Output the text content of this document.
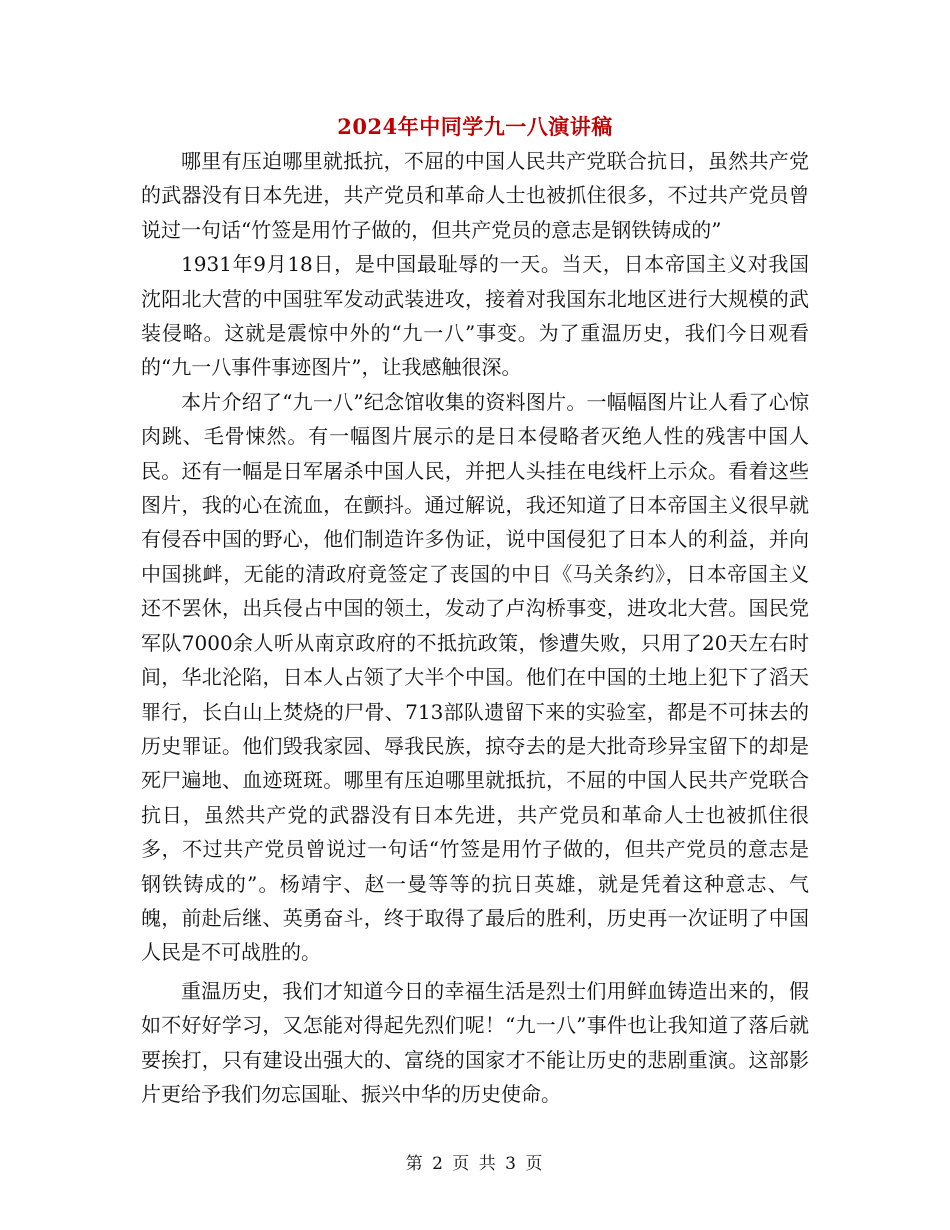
2024年中同学九一八演讲稿

哪里有压迫哪里就抵抗，不屈的中国人民共产党联合抗日，虽然共产党的武器没有日本先进，共产党员和革命人士也被抓住很多，不过共产党员曾说过一句话“竹签是用竹子做的，但共产党员的意志是钢铁铸成的”

1931年9月18日，是中国最耻辱的一天。当天，日本帝国主义对我国沈阳北大营的中国驻军发动武装进攻，接着对我国东北地区进行大规模的武装侵略。这就是震惊中外的“九一八”事变。为了重温历史，我们今日观看的“九一八事件事迹图片”，让我感触很深。

本片介绍了“九一八”纪念馆收集的资料图片。一幅幅图片让人看了心惊肉跳、毛骨悚然。有一幅图片展示的是日本侵略者灭绝人性的残害中国人民。还有一幅是日军屠杀中国人民，并把人头挂在电线杆上示众。看着这些图片，我的心在流血，在颤抖。通过解说，我还知道了日本帝国主义很早就有侵吞中国的野心，他们制造许多伪证，说中国侵犯了日本人的利益，并向中国挑衅，无能的清政府竟签定了丧国的中日《马关条约》，日本帝国主义还不罢休，出兵侵占中国的领土，发动了卢沟桥事变，进攻北大营。国民党军队7000余人听从南京政府的不抵抗政策，惨遭失败，只用了20天左右时间，华北沦陷，日本人占领了大半个中国。他们在中国的土地上犯下了滔天罪行，长白山上焚烧的尸骨、713部队遗留下来的实验室，都是不可抹去的历史罪证。他们毁我家园、辱我民族，掠夺去的是大批奇珍异宝留下的却是死尸遍地、血迹斑斑。哪里有压迫哪里就抵抗，不屈的中国人民共产党联合抗日，虽然共产党的武器没有日本先进，共产党员和革命人士也被抓住很多，不过共产党员曾说过一句话“竹签是用竹子做的，但共产党员的意志是钢铁铸成的”。杨靖宇、赵一曼等等的抗日英雄，就是凭着这种意志、气魄，前赴后继、英勇奋斗，终于取得了最后的胜利，历史再一次证明了中国人民是不可战胜的。

重温历史，我们才知道今日的幸福生活是烈士们用鲜血铸造出来的，假如不好好学习，又怎能对得起先烈们呢！“九一八”事件也让我知道了落后就要挨打，只有建设出强大的、富绕的国家才不能让历史的悲剧重演。这部影片更给予我们勿忘国耻、振兴中华的历史使命。

第 2 页 共 3 页
